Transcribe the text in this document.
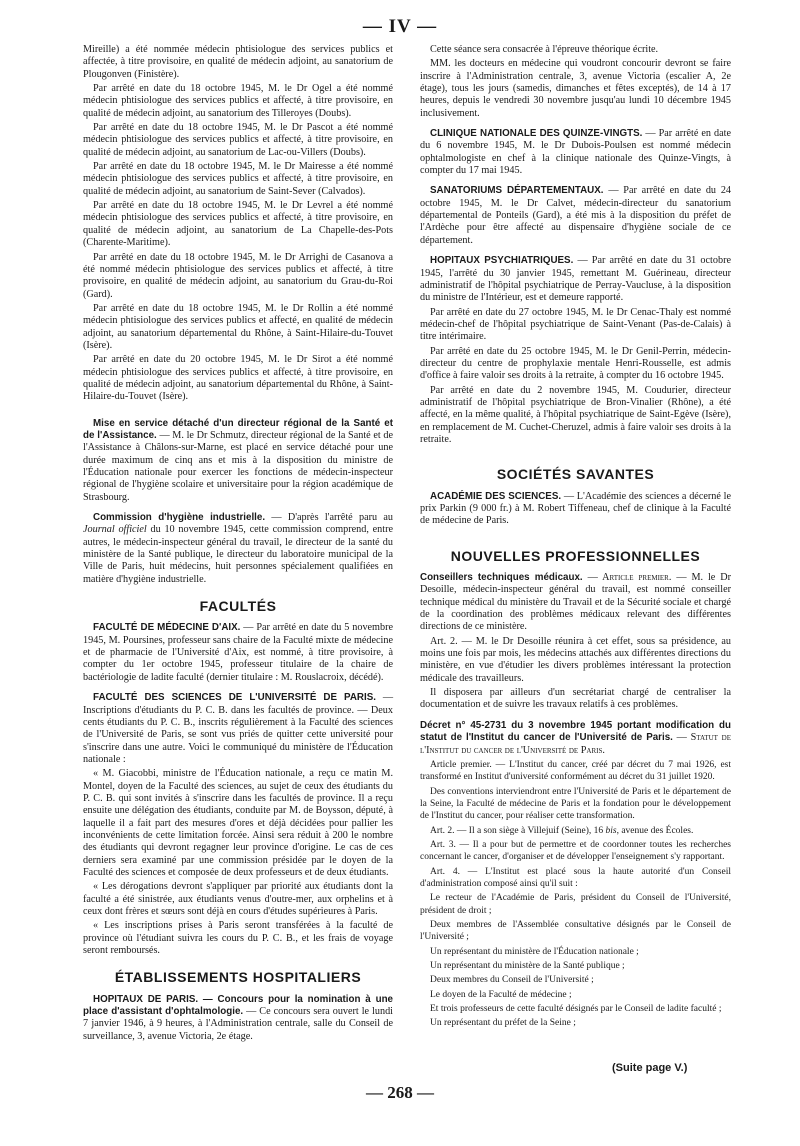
— IV —

Mireille) a été nommée médecin phtisiologue des services publics et affectée, à titre provisoire, en qualité de médecin adjoint, au sanatorium de Plougonven (Finistère).

Par arrêté en date du 18 octobre 1945, M. le Dr Ogel a été nommé médecin phtisiologue des services publics et affecté, à titre provisoire, en qualité de médecin adjoint, au sanatorium des Tilleroyes (Doubs).

Par arrêté en date du 18 octobre 1945, M. le Dr Pascot a été nommé médecin phtisiologue des services publics et affecté, à titre provisoire, en qualité de médecin adjoint, au sanatorium de Lac-ou-Villers (Doubs).

Par arrêté en date du 18 octobre 1945, M. le Dr Mairesse a été nommé médecin phtisiologue des services publics et affecté, à titre provisoire, en qualité de médecin adjoint, au sanatorium de Saint-Sever (Calvados).

Par arrêté en date du 18 octobre 1945, M. le Dr Levrel a été nommé médecin phtisiologue des services publics et affecté, à titre provisoire, en qualité de médecin adjoint, au sanatorium de La Chapelle-des-Pots (Charente-Maritime).

Par arrêté en date du 18 octobre 1945, M. le Dr Arrighi de Casanova a été nommé médecin phtisiologue des services publics et affecté, à titre provisoire, en qualité de médecin adjoint, au sanatorium du Grau-du-Roi (Gard).

Par arrêté en date du 18 octobre 1945, M. le Dr Rollin a été nommé médecin phtisiologue des services publics et affecté, en qualité de médecin adjoint, au sanatorium départemental du Rhône, à Saint-Hilaire-du-Touvet (Isère).

Par arrêté en date du 20 octobre 1945, M. le Dr Sirot a été nommé médecin phtisiologue des services publics et affecté, à titre provisoire, en qualité de médecin adjoint, au sanatorium départemental du Rhône, à Saint-Hilaire-du-Touvet (Isère).

Mise en service détaché d'un directeur régional de la Santé et de l'Assistance. — M. le Dr Schmutz, directeur régional de la Santé et de l'Assistance à Châlons-sur-Marne, est placé en service détaché pour une durée maximum de cinq ans et mis à la disposition du ministre de l'Éducation nationale pour exercer les fonctions de médecin-inspecteur régional de l'hygiène scolaire et universitaire pour la région académique de Strasbourg.

Commission d'hygiène industrielle. — D'après l'arrêté paru au Journal officiel du 10 novembre 1945, cette commission comprend, entre autres, le médecin-inspecteur général du travail, le directeur de la santé du ministère de la Santé publique, le directeur du laboratoire municipal de la Ville de Paris, huit médecins, huit personnes spécialement qualifiées en matière d'hygiène industrielle.

FACULTÉS

FACULTÉ DE MÉDECINE D'AIX. — Par arrêté en date du 5 novembre 1945, M. Poursines, professeur sans chaire de la Faculté mixte de médecine et de pharmacie de l'Université d'Aix, est nommé, à titre provisoire, à compter du 1er octobre 1945, professeur titulaire de la chaire de bactériologie de ladite faculté (dernier titulaire : M. Rouslacroix, décédé).

FACULTÉ DES SCIENCES DE L'UNIVERSITÉ DE PARIS. — Inscriptions d'étudiants du P. C. B. dans les facultés de province. — Deux cents étudiants du P. C. B., inscrits régulièrement à la Faculté des sciences de l'Université de Paris, se sont vus priés de quitter cette université pour s'inscrire dans une autre. Voici le communiqué du ministère de l'Éducation nationale :

« M. Giacobbi, ministre de l'Éducation nationale, a reçu ce matin M. Montel, doyen de la Faculté des sciences, au sujet de ceux des étudiants du P. C. B. qui sont invités à s'inscrire dans les facultés de province. Il a reçu ensuite une délégation des étudiants, conduite par M. de Boysson, député, à laquelle il a fait part des mesures d'ores et déjà décidées pour pallier les inconvénients de cette limitation forcée. Ainsi sera réduit à 200 le nombre des étudiants qui devront regagner leur province d'origine. Le cas de ces derniers sera examiné par une commission présidée par le doyen de la Faculté des sciences et composée de deux professeurs et de deux étudiants.

« Les dérogations devront s'appliquer par priorité aux étudiants dont la faculté a été sinistrée, aux étudiants venus d'outre-mer, aux orphelins et à ceux dont frères et sœurs sont déjà en cours d'études supérieures à Paris.

« Les inscriptions prises à Paris seront transférées à la faculté de province où l'étudiant suivra les cours du P. C. B., et les frais de voyage seront remboursés.

ÉTABLISSEMENTS HOSPITALIERS

HOPITAUX DE PARIS. — Concours pour la nomination à une place d'assistant d'ophtalmologie. — Ce concours sera ouvert le lundi 7 janvier 1946, à 9 heures, à l'Administration centrale, salle du Conseil de surveillance, 3, avenue Victoria, 2e étage.

Cette séance sera consacrée à l'épreuve théorique écrite.

MM. les docteurs en médecine qui voudront concourir devront se faire inscrire à l'Administration centrale, 3, avenue Victoria (escalier A, 2e étage), tous les jours (samedis, dimanches et fêtes exceptés), de 14 à 17 heures, depuis le vendredi 30 novembre jusqu'au lundi 10 décembre 1945 inclusivement.

CLINIQUE NATIONALE DES QUINZE-VINGTS. — Par arrêté en date du 6 novembre 1945, M. le Dr Dubois-Poulsen est nommé médecin ophtalmologiste en chef à la clinique nationale des Quinze-Vingts, à compter du 17 mai 1945.

SANATORIUMS DÉPARTEMENTAUX. — Par arrêté en date du 24 octobre 1945, M. le Dr Calvet, médecin-directeur du sanatorium départemental de Ponteils (Gard), a été mis à la disposition du préfet de l'Ardèche pour être affecté au dispensaire d'hygiène sociale de ce département.

HOPITAUX PSYCHIATRIQUES. — Par arrêté en date du 31 octobre 1945, l'arrêté du 30 janvier 1945, remettant M. Guérineau, directeur administratif de l'hôpital psychiatrique de Perray-Vaucluse, à la disposition du ministre de l'Intérieur, est et demeure rapporté.

Par arrêté en date du 27 octobre 1945, M. le Dr Cenac-Thaly est nommé médecin-chef de l'hôpital psychiatrique de Saint-Venant (Pas-de-Calais) à titre intérimaire.

Par arrêté en date du 25 octobre 1945, M. le Dr Genil-Perrin, médecin-directeur du centre de prophylaxie mentale Henri-Rousselle, est admis d'office à faire valoir ses droits à la retraite, à compter du 16 octobre 1945.

Par arrêté en date du 2 novembre 1945, M. Coudurier, directeur administratif de l'hôpital psychiatrique de Bron-Vinalier (Rhône), a été affecté, en la même qualité, à l'hôpital psychiatrique de Saint-Egève (Isère), en remplacement de M. Cuchet-Cheruzel, admis à faire valoir ses droits à la retraite.

SOCIÉTÉS SAVANTES

ACADÉMIE DES SCIENCES. — L'Académie des sciences a décerné le prix Parkin (9 000 fr.) à M. Robert Tiffeneau, chef de clinique à la Faculté de médecine de Paris.

NOUVELLES PROFESSIONNELLES

Conseillers techniques médicaux. — Article premier. — M. le Dr Desoille, médecin-inspecteur général du travail, est nommé conseiller technique médical du ministère du Travail et de la Sécurité sociale et chargé de la coordination des problèmes médicaux relevant des différentes directions de ce ministère.

Art. 2. — M. le Dr Desoille réunira à cet effet, sous sa présidence, au moins une fois par mois, les médecins attachés aux différentes directions du ministère, en vue d'étudier les divers problèmes intéressant la protection médicale des travailleurs.

Il disposera par ailleurs d'un secrétariat chargé de centraliser la documentation et de suivre les travaux relatifs à ces problèmes.

Décret n° 45-2731 du 3 novembre 1945 portant modification du statut de l'Institut du cancer de l'Université de Paris. — Statut de l'Institut du cancer de l'Université de Paris.

Article premier. — L'Institut du cancer, créé par décret du 7 mai 1926, est transformé en Institut d'université conformément au décret du 31 juillet 1920.

Des conventions interviendront entre l'Université de Paris et le département de la Seine, la Faculté de médecine de Paris et la fondation pour le développement de l'Institut du cancer, pour réaliser cette transformation.

Art. 2. — Il a son siège à Villejuif (Seine), 16 bis, avenue des Écoles.

Art. 3. — Il a pour but de permettre et de coordonner toutes les recherches concernant le cancer, d'organiser et de développer l'enseignement s'y rapportant.

Art. 4. — L'Institut est placé sous la haute autorité d'un Conseil d'administration composé ainsi qu'il suit :

Le recteur de l'Académie de Paris, président du Conseil de l'Université, président de droit ;

Deux membres de l'Assemblée consultative désignés par le Conseil de l'Université ;

Un représentant du ministère de l'Éducation nationale ;

Un représentant du ministère de la Santé publique ;

Deux membres du Conseil de l'Université ;

Le doyen de la Faculté de médecine ;

Et trois professeurs de cette faculté désignés par le Conseil de ladite faculté ;

Un représentant du préfet de la Seine ;

(Suite page V.)
— 268 —
